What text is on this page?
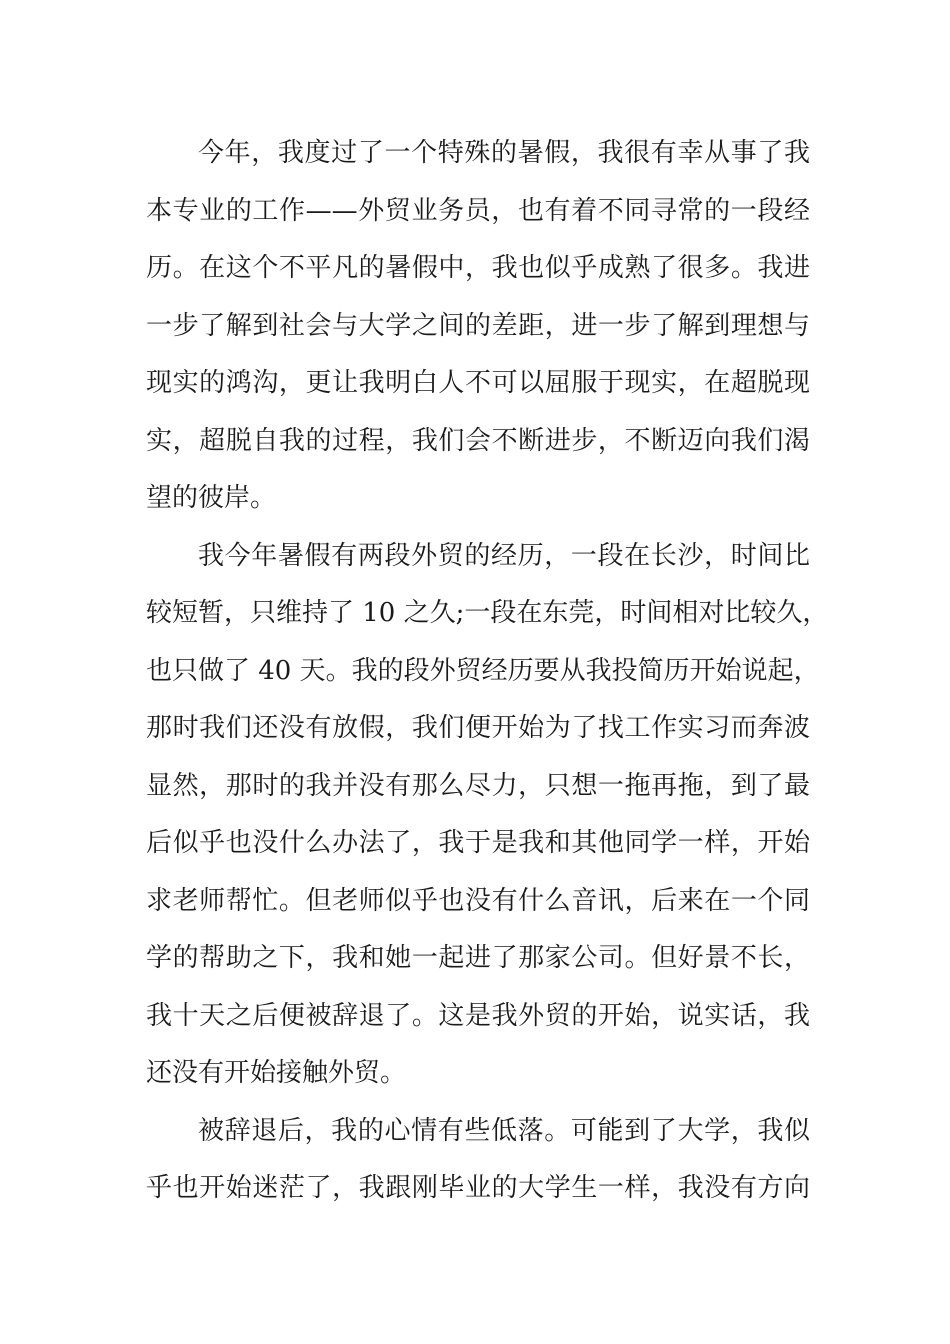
今年，我度过了一个特殊的暑假，我很有幸从事了我
本专业的工作——外贸业务员，也有着不同寻常的一段经
历。在这个不平凡的暑假中，我也似乎成熟了很多。我进
一步了解到社会与大学之间的差距，进一步了解到理想与
现实的鸿沟，更让我明白人不可以屈服于现实，在超脱现
实，超脱自我的过程，我们会不断进步，不断迈向我们渴
望的彼岸。

我今年暑假有两段外贸的经历，一段在长沙，时间比
较短暂，只维持了 10 之久;一段在东莞，时间相对比较久，
也只做了 40 天。我的段外贸经历要从我投简历开始说起，
那时我们还没有放假，我们便开始为了找工作实习而奔波
显然，那时的我并没有那么尽力，只想一拖再拖，到了最
后似乎也没什么办法了，我于是我和其他同学一样，开始
求老师帮忙。但老师似乎也没有什么音讯，后来在一个同
学的帮助之下，我和她一起进了那家公司。但好景不长，
我十天之后便被辞退了。这是我外贸的开始，说实话，我
还没有开始接触外贸。

被辞退后，我的心情有些低落。可能到了大学，我似
乎也开始迷茫了，我跟刚毕业的大学生一样，我没有方向
